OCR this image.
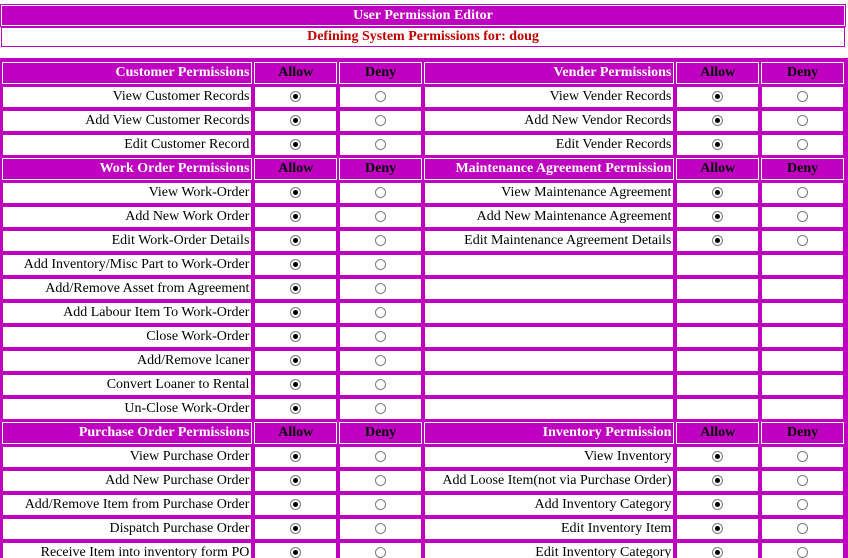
User Permission Editor
Defining System Permissions for: doug
Customer Permissions	Allow	Deny	Vender Permissions	Allow	Deny
View Customer Records			View Vender Records		
Add View Customer Records			Add New Vendor Records		
Edit Customer Record			Edit Vender Records		
Work Order Permissions	Allow	Deny	Maintenance Agreement Permission	Allow	Deny
View Work-Order			View Maintenance Agreement		
Add New Work Order			Add New Maintenance Agreement		
Edit Work-Order Details			Edit Maintenance Agreement Details		
Add Inventory/Misc Part to Work-Order					
Add/Remove Asset from Agreement					
Add Labour Item To Work-Order					
Close Work-Order					
Add/Remove lcaner					
Convert Loaner to Rental					
Un-Close Work-Order					
Purchase Order Permissions	Allow	Deny	Inventory Permission	Allow	Deny
View Purchase Order			View Inventory		
Add New Purchase Order			Add Loose Item(not via Purchase Order)		
Add/Remove Item from Purchase Order			Add Inventory Category		
Dispatch Purchase Order			Edit Inventory Item		
Receive Item into inventory form PO			Edit Inventory Category		
